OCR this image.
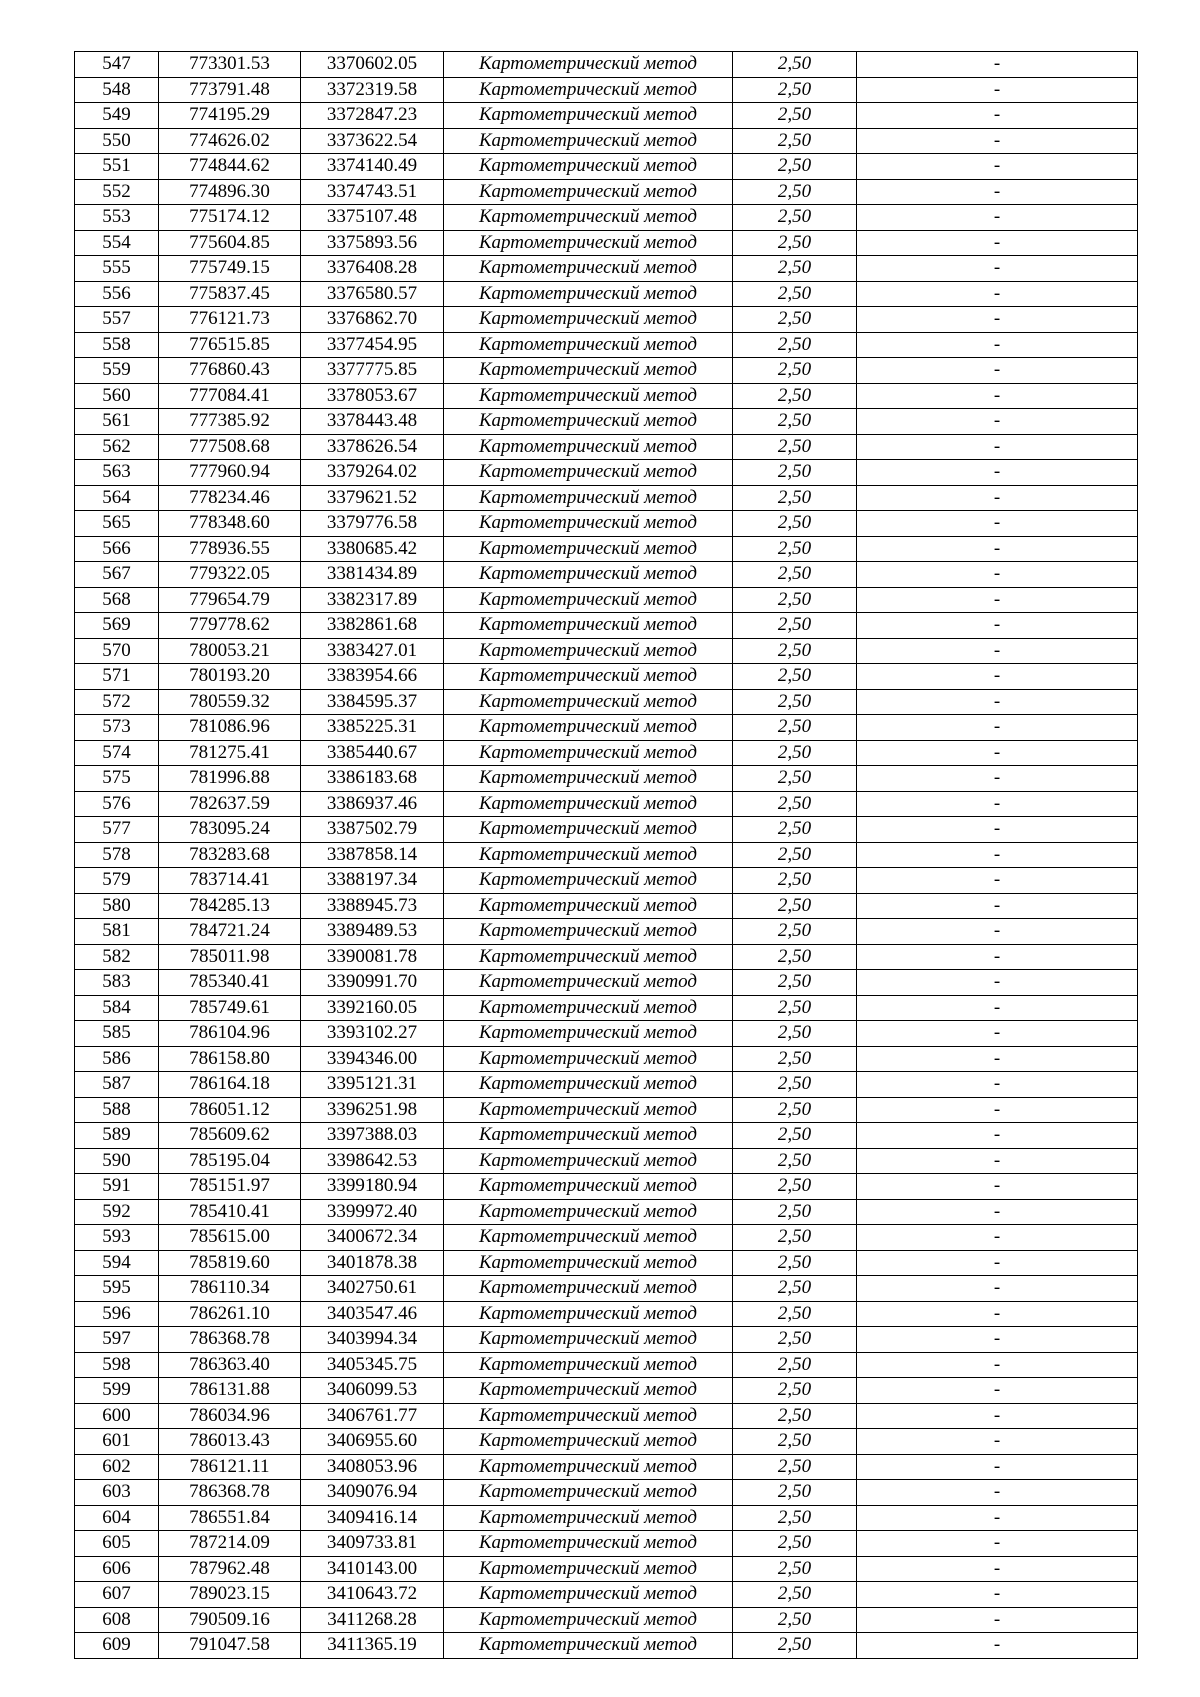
547	773301.53	3370602.05	Картометрический метод	2,50	-
548	773791.48	3372319.58	Картометрический метод	2,50	-
549	774195.29	3372847.23	Картометрический метод	2,50	-
550	774626.02	3373622.54	Картометрический метод	2,50	-
551	774844.62	3374140.49	Картометрический метод	2,50	-
552	774896.30	3374743.51	Картометрический метод	2,50	-
553	775174.12	3375107.48	Картометрический метод	2,50	-
554	775604.85	3375893.56	Картометрический метод	2,50	-
555	775749.15	3376408.28	Картометрический метод	2,50	-
556	775837.45	3376580.57	Картометрический метод	2,50	-
557	776121.73	3376862.70	Картометрический метод	2,50	-
558	776515.85	3377454.95	Картометрический метод	2,50	-
559	776860.43	3377775.85	Картометрический метод	2,50	-
560	777084.41	3378053.67	Картометрический метод	2,50	-
561	777385.92	3378443.48	Картометрический метод	2,50	-
562	777508.68	3378626.54	Картометрический метод	2,50	-
563	777960.94	3379264.02	Картометрический метод	2,50	-
564	778234.46	3379621.52	Картометрический метод	2,50	-
565	778348.60	3379776.58	Картометрический метод	2,50	-
566	778936.55	3380685.42	Картометрический метод	2,50	-
567	779322.05	3381434.89	Картометрический метод	2,50	-
568	779654.79	3382317.89	Картометрический метод	2,50	-
569	779778.62	3382861.68	Картометрический метод	2,50	-
570	780053.21	3383427.01	Картометрический метод	2,50	-
571	780193.20	3383954.66	Картометрический метод	2,50	-
572	780559.32	3384595.37	Картометрический метод	2,50	-
573	781086.96	3385225.31	Картометрический метод	2,50	-
574	781275.41	3385440.67	Картометрический метод	2,50	-
575	781996.88	3386183.68	Картометрический метод	2,50	-
576	782637.59	3386937.46	Картометрический метод	2,50	-
577	783095.24	3387502.79	Картометрический метод	2,50	-
578	783283.68	3387858.14	Картометрический метод	2,50	-
579	783714.41	3388197.34	Картометрический метод	2,50	-
580	784285.13	3388945.73	Картометрический метод	2,50	-
581	784721.24	3389489.53	Картометрический метод	2,50	-
582	785011.98	3390081.78	Картометрический метод	2,50	-
583	785340.41	3390991.70	Картометрический метод	2,50	-
584	785749.61	3392160.05	Картометрический метод	2,50	-
585	786104.96	3393102.27	Картометрический метод	2,50	-
586	786158.80	3394346.00	Картометрический метод	2,50	-
587	786164.18	3395121.31	Картометрический метод	2,50	-
588	786051.12	3396251.98	Картометрический метод	2,50	-
589	785609.62	3397388.03	Картометрический метод	2,50	-
590	785195.04	3398642.53	Картометрический метод	2,50	-
591	785151.97	3399180.94	Картометрический метод	2,50	-
592	785410.41	3399972.40	Картометрический метод	2,50	-
593	785615.00	3400672.34	Картометрический метод	2,50	-
594	785819.60	3401878.38	Картометрический метод	2,50	-
595	786110.34	3402750.61	Картометрический метод	2,50	-
596	786261.10	3403547.46	Картометрический метод	2,50	-
597	786368.78	3403994.34	Картометрический метод	2,50	-
598	786363.40	3405345.75	Картометрический метод	2,50	-
599	786131.88	3406099.53	Картометрический метод	2,50	-
600	786034.96	3406761.77	Картометрический метод	2,50	-
601	786013.43	3406955.60	Картометрический метод	2,50	-
602	786121.11	3408053.96	Картометрический метод	2,50	-
603	786368.78	3409076.94	Картометрический метод	2,50	-
604	786551.84	3409416.14	Картометрический метод	2,50	-
605	787214.09	3409733.81	Картометрический метод	2,50	-
606	787962.48	3410143.00	Картометрический метод	2,50	-
607	789023.15	3410643.72	Картометрический метод	2,50	-
608	790509.16	3411268.28	Картометрический метод	2,50	-
609	791047.58	3411365.19	Картометрический метод	2,50	-
